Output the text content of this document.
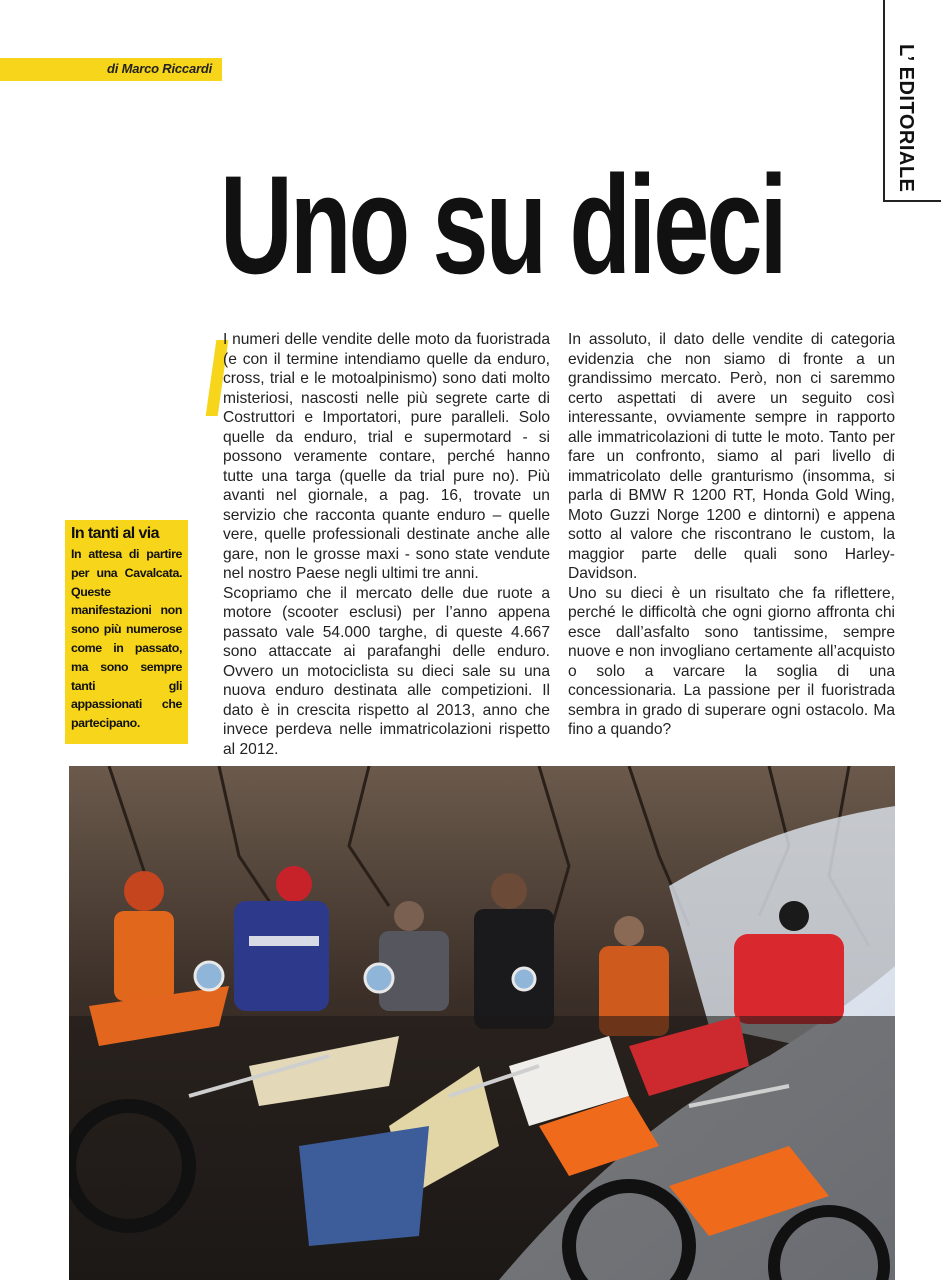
di Marco Riccardi	L’ EDITORIALE
Uno su dieci

I numeri delle vendite delle moto da fuoristrada (e con il termine intendiamo quelle da enduro, cross, trial e le motoalpinismo) sono dati molto misteriosi, nascosti nelle più segrete carte di Costruttori e Importatori, pure paralleli. Solo quelle da enduro, trial e supermotard - si possono veramente contare, perché hanno tutte una targa (quelle da trial pure no). Più avanti nel giornale, a pag. 16, trovate un servizio che racconta quante enduro – quelle vere, quelle professionali destinate anche alle gare, non le grosse maxi - sono state vendute nel nostro Paese negli ultimi tre anni.

Scopriamo che il mercato delle due ruote a motore (scooter esclusi) per l’anno appena passato vale 54.000 targhe, di queste 4.667 sono attaccate ai parafanghi delle enduro. Ovvero un motociclista su dieci sale su una nuova enduro destinata alle competizioni. Il dato è in crescita rispetto al 2013, anno che invece perdeva nelle immatricolazioni rispetto al 2012.

In assoluto, il dato delle vendite di categoria evidenzia che non siamo di fronte a un grandissimo mercato. Però, non ci saremmo certo aspettati di avere un seguito così interessante, ovviamente sempre in rapporto alle immatricolazioni di tutte le moto. Tanto per fare un confronto, siamo al pari livello di immatricolato delle granturismo (insomma, si parla di BMW R 1200 RT, Honda Gold Wing, Moto Guzzi Norge 1200 e dintorni) e appena sotto al valore che riscontrano le custom, la maggior parte delle quali sono Harley-Davidson.

Uno su dieci è un risultato che fa riflettere, perché le difficoltà che ogni giorno affronta chi esce dall’asfalto sono tantissime, sempre nuove e non invogliano certamente all’acquisto o solo a varcare la soglia di una concessionaria. La passione per il fuoristrada sembra in grado di superare ogni ostacolo. Ma fino a quando?

In tanti al via

In attesa di partire per una Cavalcata. Queste manifestazioni non sono più numerose come in passato, ma sono sempre tanti gli appassionati che partecipano.
